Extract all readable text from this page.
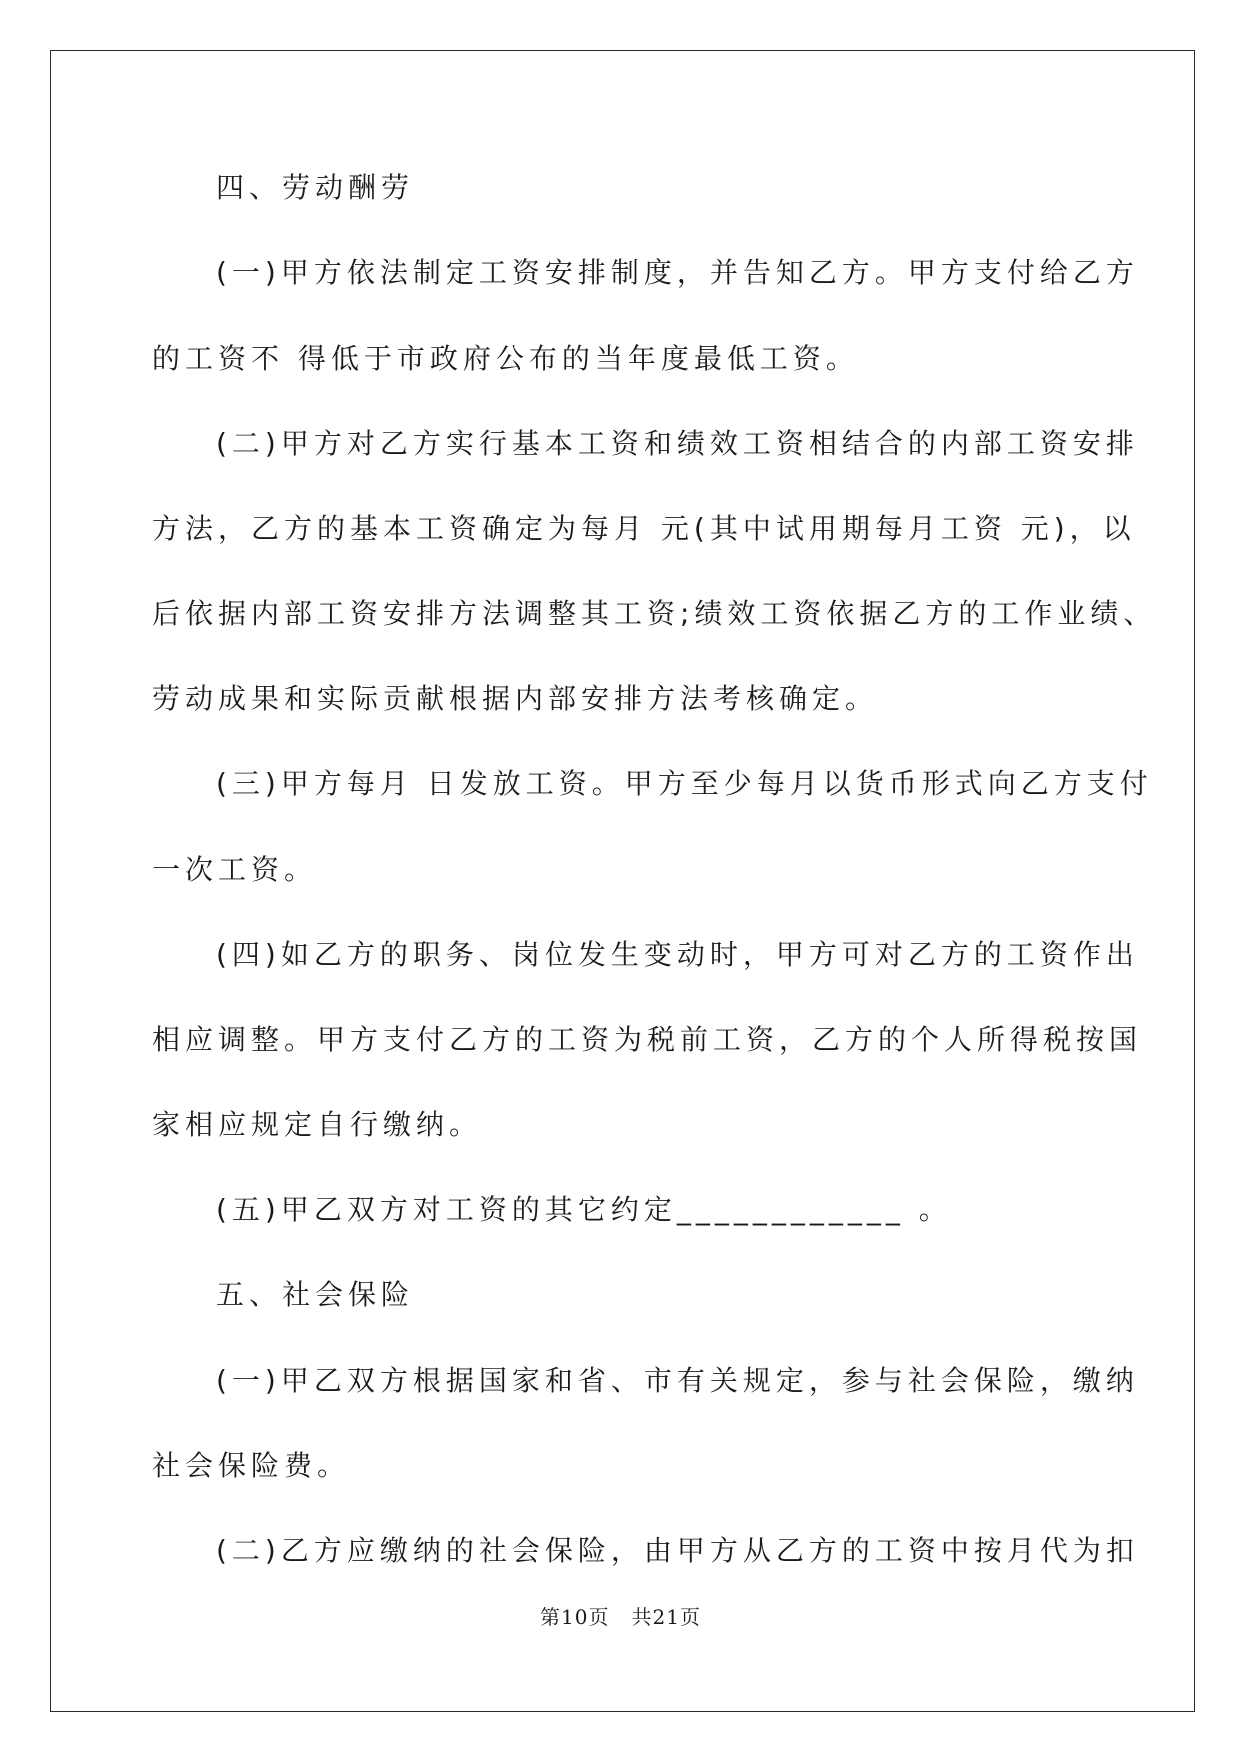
四、劳动酬劳

(一)甲方依法制定工资安排制度，并告知乙方。甲方支付给乙方

的工资不 得低于市政府公布的当年度最低工资。

(二)甲方对乙方实行基本工资和绩效工资相结合的内部工资安排

方法，乙方的基本工资确定为每月 元(其中试用期每月工资 元)，以

后依据内部工资安排方法调整其工资;绩效工资依据乙方的工作业绩、

劳动成果和实际贡献根据内部安排方法考核确定。

(三)甲方每月 日发放工资。甲方至少每月以货币形式向乙方支付

一次工资。

(四)如乙方的职务、岗位发生变动时，甲方可对乙方的工资作出

相应调整。甲方支付乙方的工资为税前工资，乙方的个人所得税按国

家相应规定自行缴纳。

(五)甲乙双方对工资的其它约定____________ 。

五、社会保险

(一)甲乙双方根据国家和省、市有关规定，参与社会保险，缴纳

社会保险费。

(二)乙方应缴纳的社会保险，由甲方从乙方的工资中按月代为扣

第10页 共21页
